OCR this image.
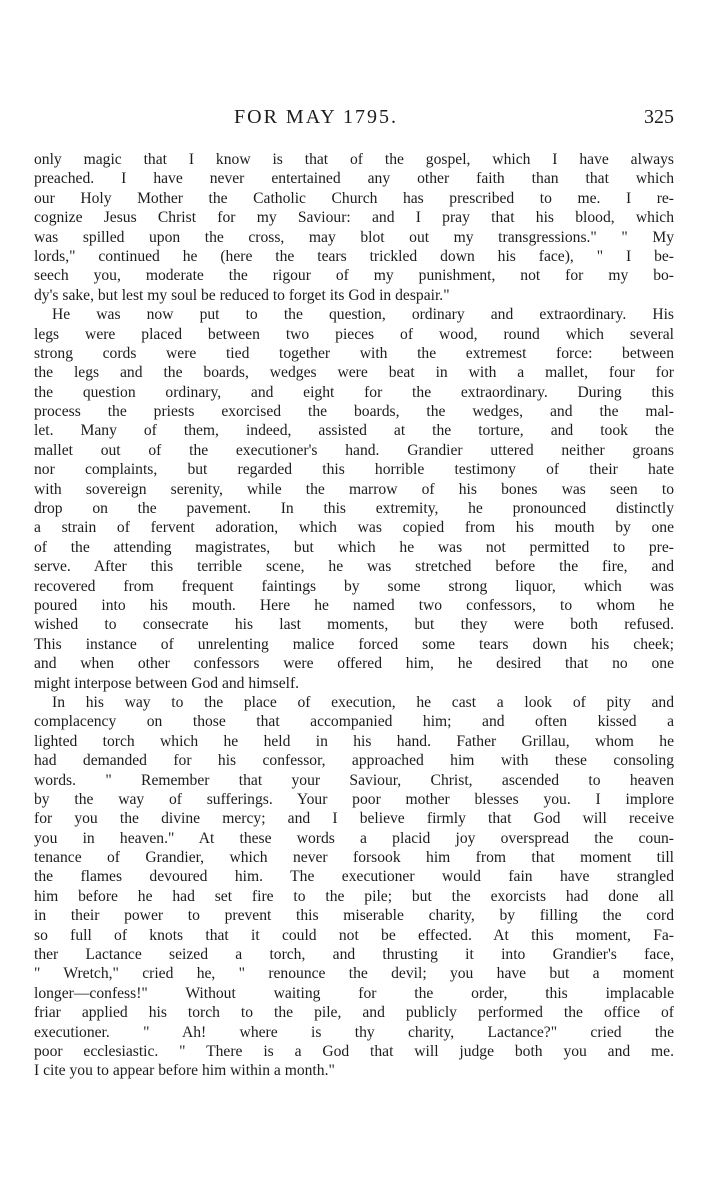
FOR MAY 1795.	325
only magic that I know is that of the gospel, which I have always
preached. I have never entertained any other faith than that which
our Holy Mother the Catholic Church has prescribed to me. I re-
cognize Jesus Christ for my Saviour: and I pray that his blood, which
was spilled upon the cross, may blot out my transgressions." " My
lords," continued he (here the tears trickled down his face), " I be-
seech you, moderate the rigour of my punishment, not for my bo-
dy's sake, but lest my soul be reduced to forget its God in despair."
He was now put to the question, ordinary and extraordinary. His
legs were placed between two pieces of wood, round which several
strong cords were tied together with the extremest force: between
the legs and the boards, wedges were beat in with a mallet, four for
the question ordinary, and eight for the extraordinary. During this
process the priests exorcised the boards, the wedges, and the mal-
let. Many of them, indeed, assisted at the torture, and took the
mallet out of the executioner's hand. Grandier uttered neither groans
nor complaints, but regarded this horrible testimony of their hate
with sovereign serenity, while the marrow of his bones was seen to
drop on the pavement. In this extremity, he pronounced distinctly
a strain of fervent adoration, which was copied from his mouth by one
of the attending magistrates, but which he was not permitted to pre-
serve. After this terrible scene, he was stretched before the fire, and
recovered from frequent faintings by some strong liquor, which was
poured into his mouth. Here he named two confessors, to whom he
wished to consecrate his last moments, but they were both refused.
This instance of unrelenting malice forced some tears down his cheek;
and when other confessors were offered him, he desired that no one
might interpose between God and himself.
In his way to the place of execution, he cast a look of pity and
complacency on those that accompanied him; and often kissed a
lighted torch which he held in his hand. Father Grillau, whom he
had demanded for his confessor, approached him with these consoling
words. " Remember that your Saviour, Christ, ascended to heaven
by the way of sufferings. Your poor mother blesses you. I implore
for you the divine mercy; and I believe firmly that God will receive
you in heaven." At these words a placid joy overspread the coun-
tenance of Grandier, which never forsook him from that moment till
the flames devoured him. The executioner would fain have strangled
him before he had set fire to the pile; but the exorcists had done all
in their power to prevent this miserable charity, by filling the cord
so full of knots that it could not be effected. At this moment, Fa-
ther Lactance seized a torch, and thrusting it into Grandier's face,
" Wretch," cried he, " renounce the devil; you have but a moment
longer—confess!" Without waiting for the order, this implacable
friar applied his torch to the pile, and publicly performed the office of
executioner. " Ah! where is thy charity, Lactance?" cried the
poor ecclesiastic. " There is a God that will judge both you and me.
I cite you to appear before him within a month."
